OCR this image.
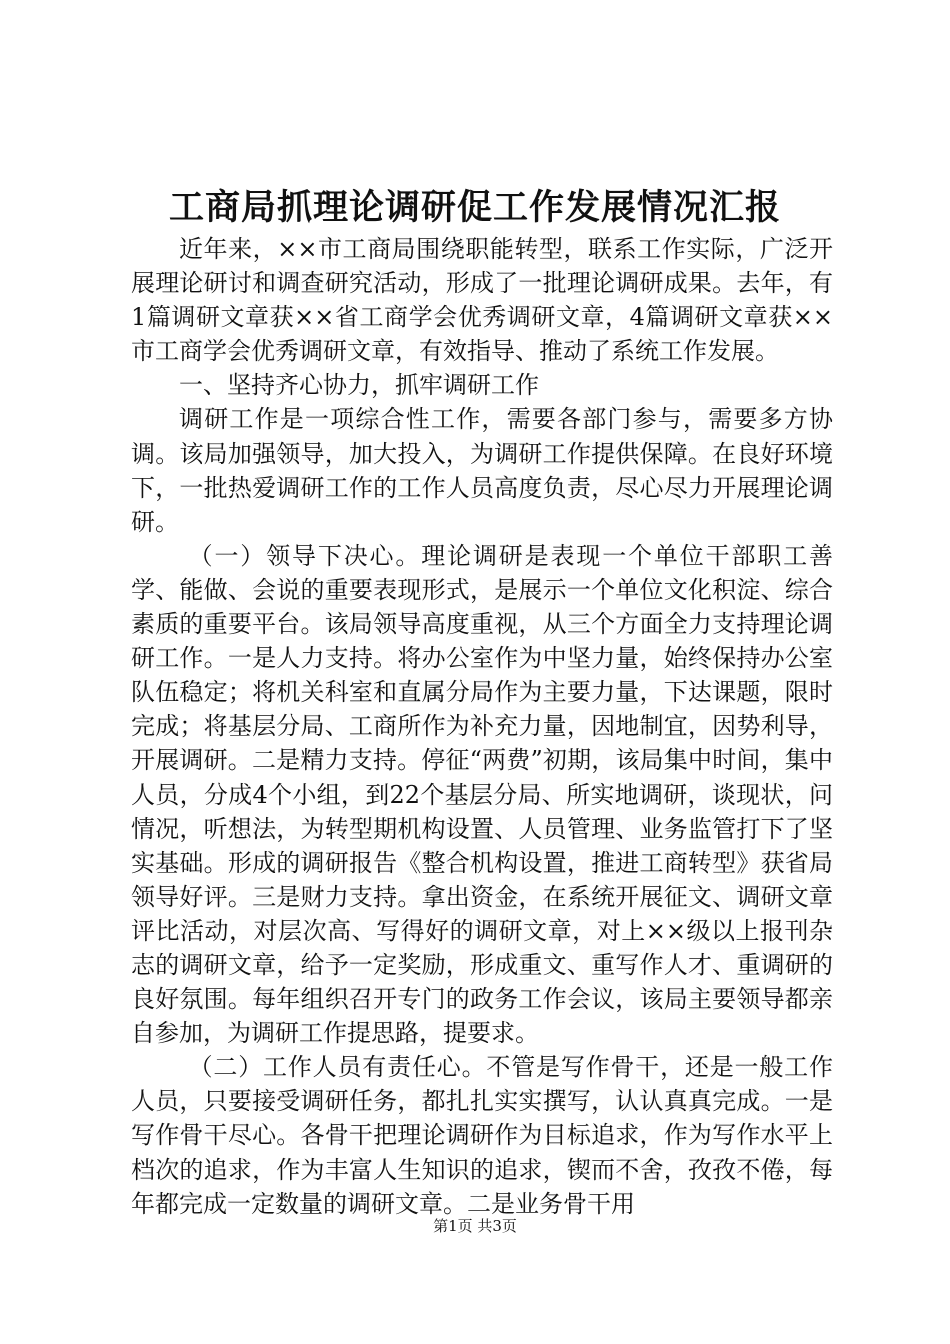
工商局抓理论调研促工作发展情况汇报

近年来，××市工商局围绕职能转型，联系工作实际，广泛开展理论研讨和调查研究活动，形成了一批理论调研成果。去年，有1篇调研文章获××省工商学会优秀调研文章，4篇调研文章获××市工商学会优秀调研文章，有效指导、推动了系统工作发展。

一、坚持齐心协力，抓牢调研工作

调研工作是一项综合性工作，需要各部门参与，需要多方协调。该局加强领导，加大投入，为调研工作提供保障。在良好环境下，一批热爱调研工作的工作人员高度负责，尽心尽力开展理论调研。

（一）领导下决心。理论调研是表现一个单位干部职工善学、能做、会说的重要表现形式，是展示一个单位文化积淀、综合素质的重要平台。该局领导高度重视，从三个方面全力支持理论调研工作。一是人力支持。将办公室作为中坚力量，始终保持办公室队伍稳定；将机关科室和直属分局作为主要力量，下达课题，限时完成；将基层分局、工商所作为补充力量，因地制宜，因势利导，开展调研。二是精力支持。停征“两费”初期，该局集中时间，集中人员，分成4个小组，到22个基层分局、所实地调研，谈现状，问情况，听想法，为转型期机构设置、人员管理、业务监管打下了坚实基础。形成的调研报告《整合机构设置，推进工商转型》获省局领导好评。三是财力支持。拿出资金，在系统开展征文、调研文章评比活动，对层次高、写得好的调研文章，对上××级以上报刊杂志的调研文章，给予一定奖励，形成重文、重写作人才、重调研的良好氛围。每年组织召开专门的政务工作会议，该局主要领导都亲自参加，为调研工作提思路，提要求。

（二）工作人员有责任心。不管是写作骨干，还是一般工作人员，只要接受调研任务，都扎扎实实撰写，认认真真完成。一是写作骨干尽心。各骨干把理论调研作为目标追求，作为写作水平上档次的追求，作为丰富人生知识的追求，锲而不舍，孜孜不倦，每年都完成一定数量的调研文章。二是业务骨干用

第1页 共3页
